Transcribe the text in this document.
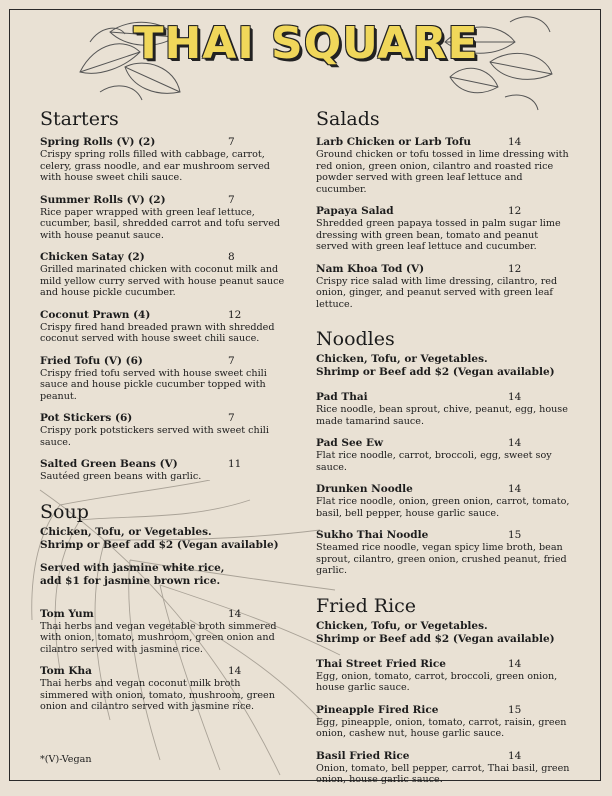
THAI SQUARE
Starters
Spring Rolls (V) (2)	7
Crispy spring rolls filled with cabbage, carrot, celery, grass noodle, and ear mushroom served with house sweet chili sauce.
Summer Rolls (V) (2)	7
Rice paper wrapped with green leaf lettuce, cucumber, basil, shredded carrot and tofu served with house peanut sauce.
Chicken Satay (2)	8
Grilled marinated chicken with coconut milk and mild yellow curry served with house peanut sauce and house pickle cucumber.
Coconut Prawn (4)	12
Crispy fired hand breaded prawn with shredded coconut served with house sweet chili sauce.
Fried Tofu (V) (6)	7
Crispy fried tofu served with house sweet chili sauce and house pickle cucumber topped with peanut.
Pot Stickers (6)	7
Crispy pork potstickers served with sweet chili sauce.
Salted Green Beans (V)	11
Sautéed green beans with garlic.
Soup
Chicken, Tofu, or Vegetables.
Shrimp or Beef add $2 (Vegan available)
Served with jasmine white rice,
add $1 for jasmine brown rice.
Tom Yum	14
Thai herbs and vegan vegetable broth simmered with onion, tomato, mushroom, green onion and cilantro served with jasmine rice.
Tom Kha	14
Thai herbs and vegan coconut milk broth simmered with onion, tomato, mushroom, green onion and cilantro served with jasmine rice.
*(V)-Vegan
Salads
Larb Chicken or Larb Tofu	14
Ground chicken or tofu tossed in lime dressing with red onion, green onion, cilantro and roasted rice powder served with green leaf lettuce and cucumber.
Papaya Salad	12
Shredded green papaya tossed in palm sugar lime dressing with green bean, tomato and peanut served with green leaf lettuce and cucumber.
Nam Khoa Tod (V)	12
Crispy rice salad with lime dressing, cilantro, red onion, ginger, and peanut served with green leaf lettuce.
Noodles
Chicken, Tofu, or Vegetables.
Shrimp or Beef add $2 (Vegan available)
Pad Thai	14
Rice noodle, bean sprout, chive, peanut, egg, house made tamarind sauce.
Pad See Ew	14
Flat rice noodle, carrot, broccoli, egg, sweet soy sauce.
Drunken Noodle	14
Flat rice noodle, onion, green onion, carrot, tomato, basil, bell pepper, house garlic sauce.
Sukho Thai Noodle	15
Steamed rice noodle, vegan spicy lime broth, bean sprout, cilantro, green onion, crushed peanut, fried garlic.
Fried Rice
Chicken, Tofu, or Vegetables.
Shrimp or Beef add $2 (Vegan available)
Thai Street Fried Rice	14
Egg, onion, tomato, carrot, broccoli, green onion, house garlic sauce.
Pineapple Fired Rice	15
Egg, pineapple, onion, tomato, carrot, raisin, green onion, cashew nut, house garlic sauce.
Basil Fried Rice	14
Onion, tomato, bell pepper, carrot, Thai basil, green onion, house garlic sauce.
